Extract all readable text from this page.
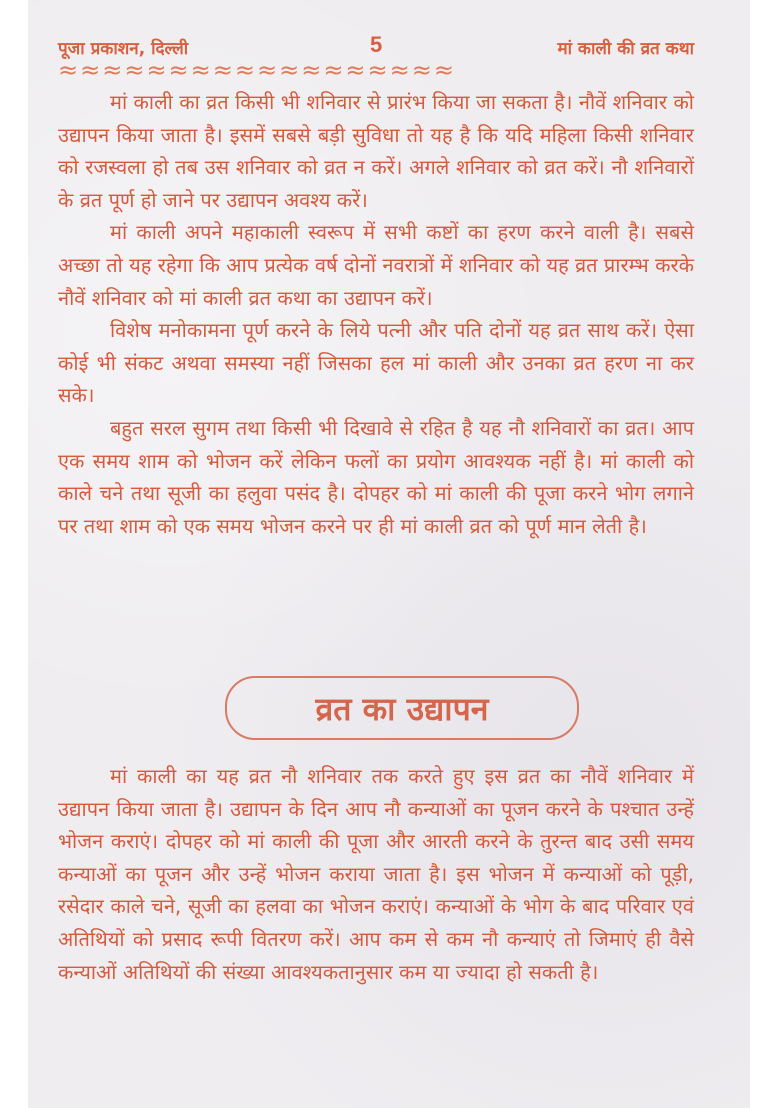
पूजा प्रकाशन, दिल्ली	5	मां काली की व्रत कथा
≈≈≈≈≈≈≈≈≈≈≈≈≈≈≈≈≈≈

मां काली का व्रत किसी भी शनिवार से प्रारंभ किया जा सकता है। नौवें शनिवार को उद्यापन किया जाता है। इसमें सबसे बड़ी सुविधा तो यह है कि यदि महिला किसी शनिवार को रजस्वला हो तब उस शनिवार को व्रत न करें। अगले शनिवार को व्रत करें। नौ शनिवारों के व्रत पूर्ण हो जाने पर उद्यापन अवश्य करें।

मां काली अपने महाकाली स्वरूप में सभी कष्टों का हरण करने वाली है। सबसे अच्छा तो यह रहेगा कि आप प्रत्येक वर्ष दोनों नवरात्रों में शनिवार को यह व्रत प्रारम्भ करके नौवें शनिवार को मां काली व्रत कथा का उद्यापन करें।

विशेष मनोकामना पूर्ण करने के लिये पत्नी और पति दोनों यह व्रत साथ करें। ऐसा कोई भी संकट अथवा समस्या नहीं जिसका हल मां काली और उनका व्रत हरण ना कर सके।

बहुत सरल सुगम तथा किसी भी दिखावे से रहित है यह नौ शनिवारों का व्रत। आप एक समय शाम को भोजन करें लेकिन फलों का प्रयोग आवश्यक नहीं है। मां काली को काले चने तथा सूजी का हलुवा पसंद है। दोपहर को मां काली की पूजा करने भोग लगाने पर तथा शाम को एक समय भोजन करने पर ही मां काली व्रत को पूर्ण मान लेती है।

व्रत का उद्यापन

मां काली का यह व्रत नौ शनिवार तक करते हुए इस व्रत का नौवें शनिवार में उद्यापन किया जाता है। उद्यापन के दिन आप नौ कन्याओं का पूजन करने के पश्चात उन्हें भोजन कराएं। दोपहर को मां काली की पूजा और आरती करने के तुरन्त बाद उसी समय कन्याओं का पूजन और उन्हें भोजन कराया जाता है। इस भोजन में कन्याओं को पूड़ी, रसेदार काले चने, सूजी का हलवा का भोजन कराएं। कन्याओं के भोग के बाद परिवार एवं अतिथियों को प्रसाद रूपी वितरण करें। आप कम से कम नौ कन्याएं तो जिमाएं ही वैसे कन्याओं अतिथियों की संख्या आवश्यकतानुसार कम या ज्यादा हो सकती है।
